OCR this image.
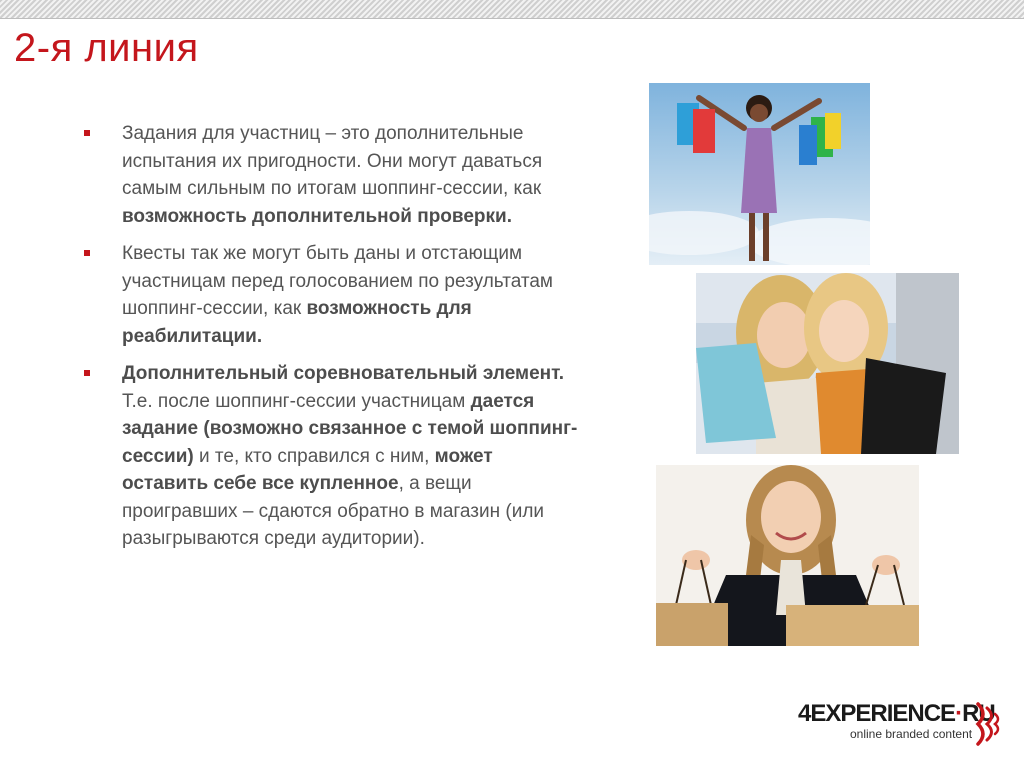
2-я линия
Задания для участниц – это дополнительные испытания их пригодности. Они могут даваться самым сильным по итогам шоппинг-сессии, как возможность дополнительной проверки.
Квесты так же могут быть даны и отстающим участницам перед голосованием по результатам шоппинг-сессии, как возможность для реабилитации.
Дополнительный соревновательный элемент. Т.е. после шоппинг-сессии участницам дается задание (возможно связанное с темой шоппинг-сессии) и те, кто справился с ним, может оставить себе все купленное, а вещи проигравших – сдаются обратно в магазин (или разыгрываются среди аудитории).
4EXPERIENCE·RU
online branded content
